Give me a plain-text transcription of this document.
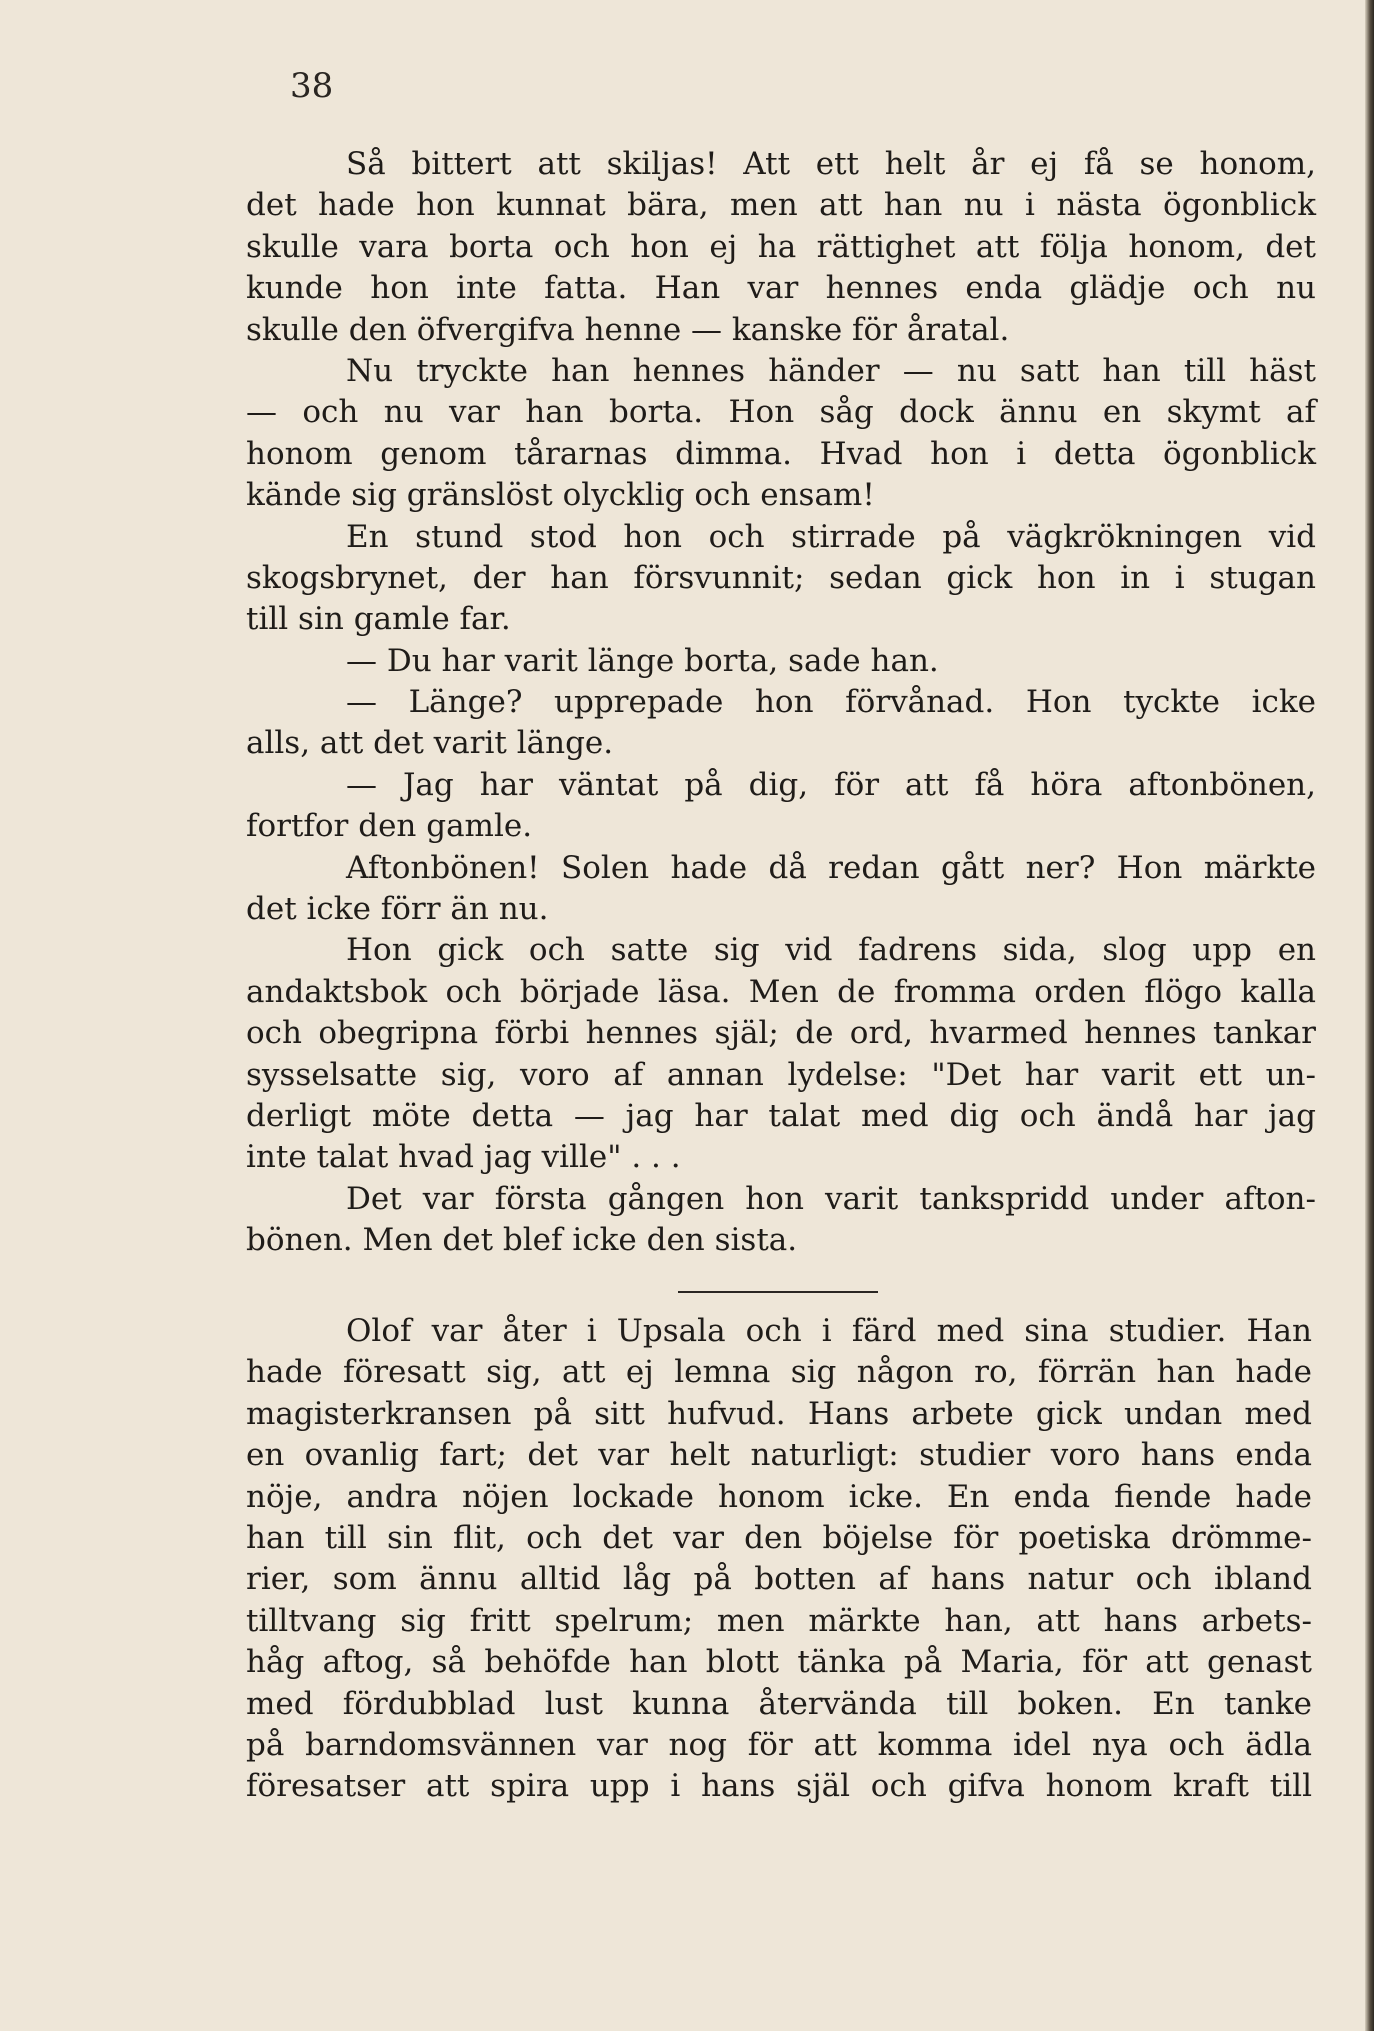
38
Så bittert att skiljas! Att ett helt år ej få se honom,
det hade hon kunnat bära, men att han nu i nästa ögonblick
skulle vara borta och hon ej ha rättighet att följa honom, det
kunde hon inte fatta. Han var hennes enda glädje och nu
skulle den öfvergifva henne — kanske för åratal.
Nu tryckte han hennes händer — nu satt han till häst
— och nu var han borta. Hon såg dock ännu en skymt af
honom genom tårarnas dimma. Hvad hon i detta ögonblick
kände sig gränslöst olycklig och ensam!
En stund stod hon och stirrade på vägkrökningen vid
skogsbrynet, der han försvunnit; sedan gick hon in i stugan
till sin gamle far.
— Du har varit länge borta, sade han.
— Länge? upprepade hon förvånad. Hon tyckte icke
alls, att det varit länge.
— Jag har väntat på dig, för att få höra aftonbönen,
fortfor den gamle.
Aftonbönen! Solen hade då redan gått ner? Hon märkte
det icke förr än nu.
Hon gick och satte sig vid fadrens sida, slog upp en
andaktsbok och började läsa. Men de fromma orden flögo kalla
och obegripna förbi hennes själ; de ord, hvarmed hennes tankar
sysselsatte sig, voro af annan lydelse: "Det har varit ett un-
derligt möte detta — jag har talat med dig och ändå har jag
inte talat hvad jag ville" . . .
Det var första gången hon varit tankspridd under afton-
bönen. Men det blef icke den sista.
Olof var åter i Upsala och i färd med sina studier. Han
hade föresatt sig, att ej lemna sig någon ro, förrän han hade
magisterkransen på sitt hufvud. Hans arbete gick undan med
en ovanlig fart; det var helt naturligt: studier voro hans enda
nöje, andra nöjen lockade honom icke. En enda fiende hade
han till sin flit, och det var den böjelse för poetiska drömme-
rier, som ännu alltid låg på botten af hans natur och ibland
tilltvang sig fritt spelrum; men märkte han, att hans arbets-
håg aftog, så behöfde han blott tänka på Maria, för att genast
med fördubblad lust kunna återvända till boken. En tanke
på barndomsvännen var nog för att komma idel nya och ädla
föresatser att spira upp i hans själ och gifva honom kraft till
